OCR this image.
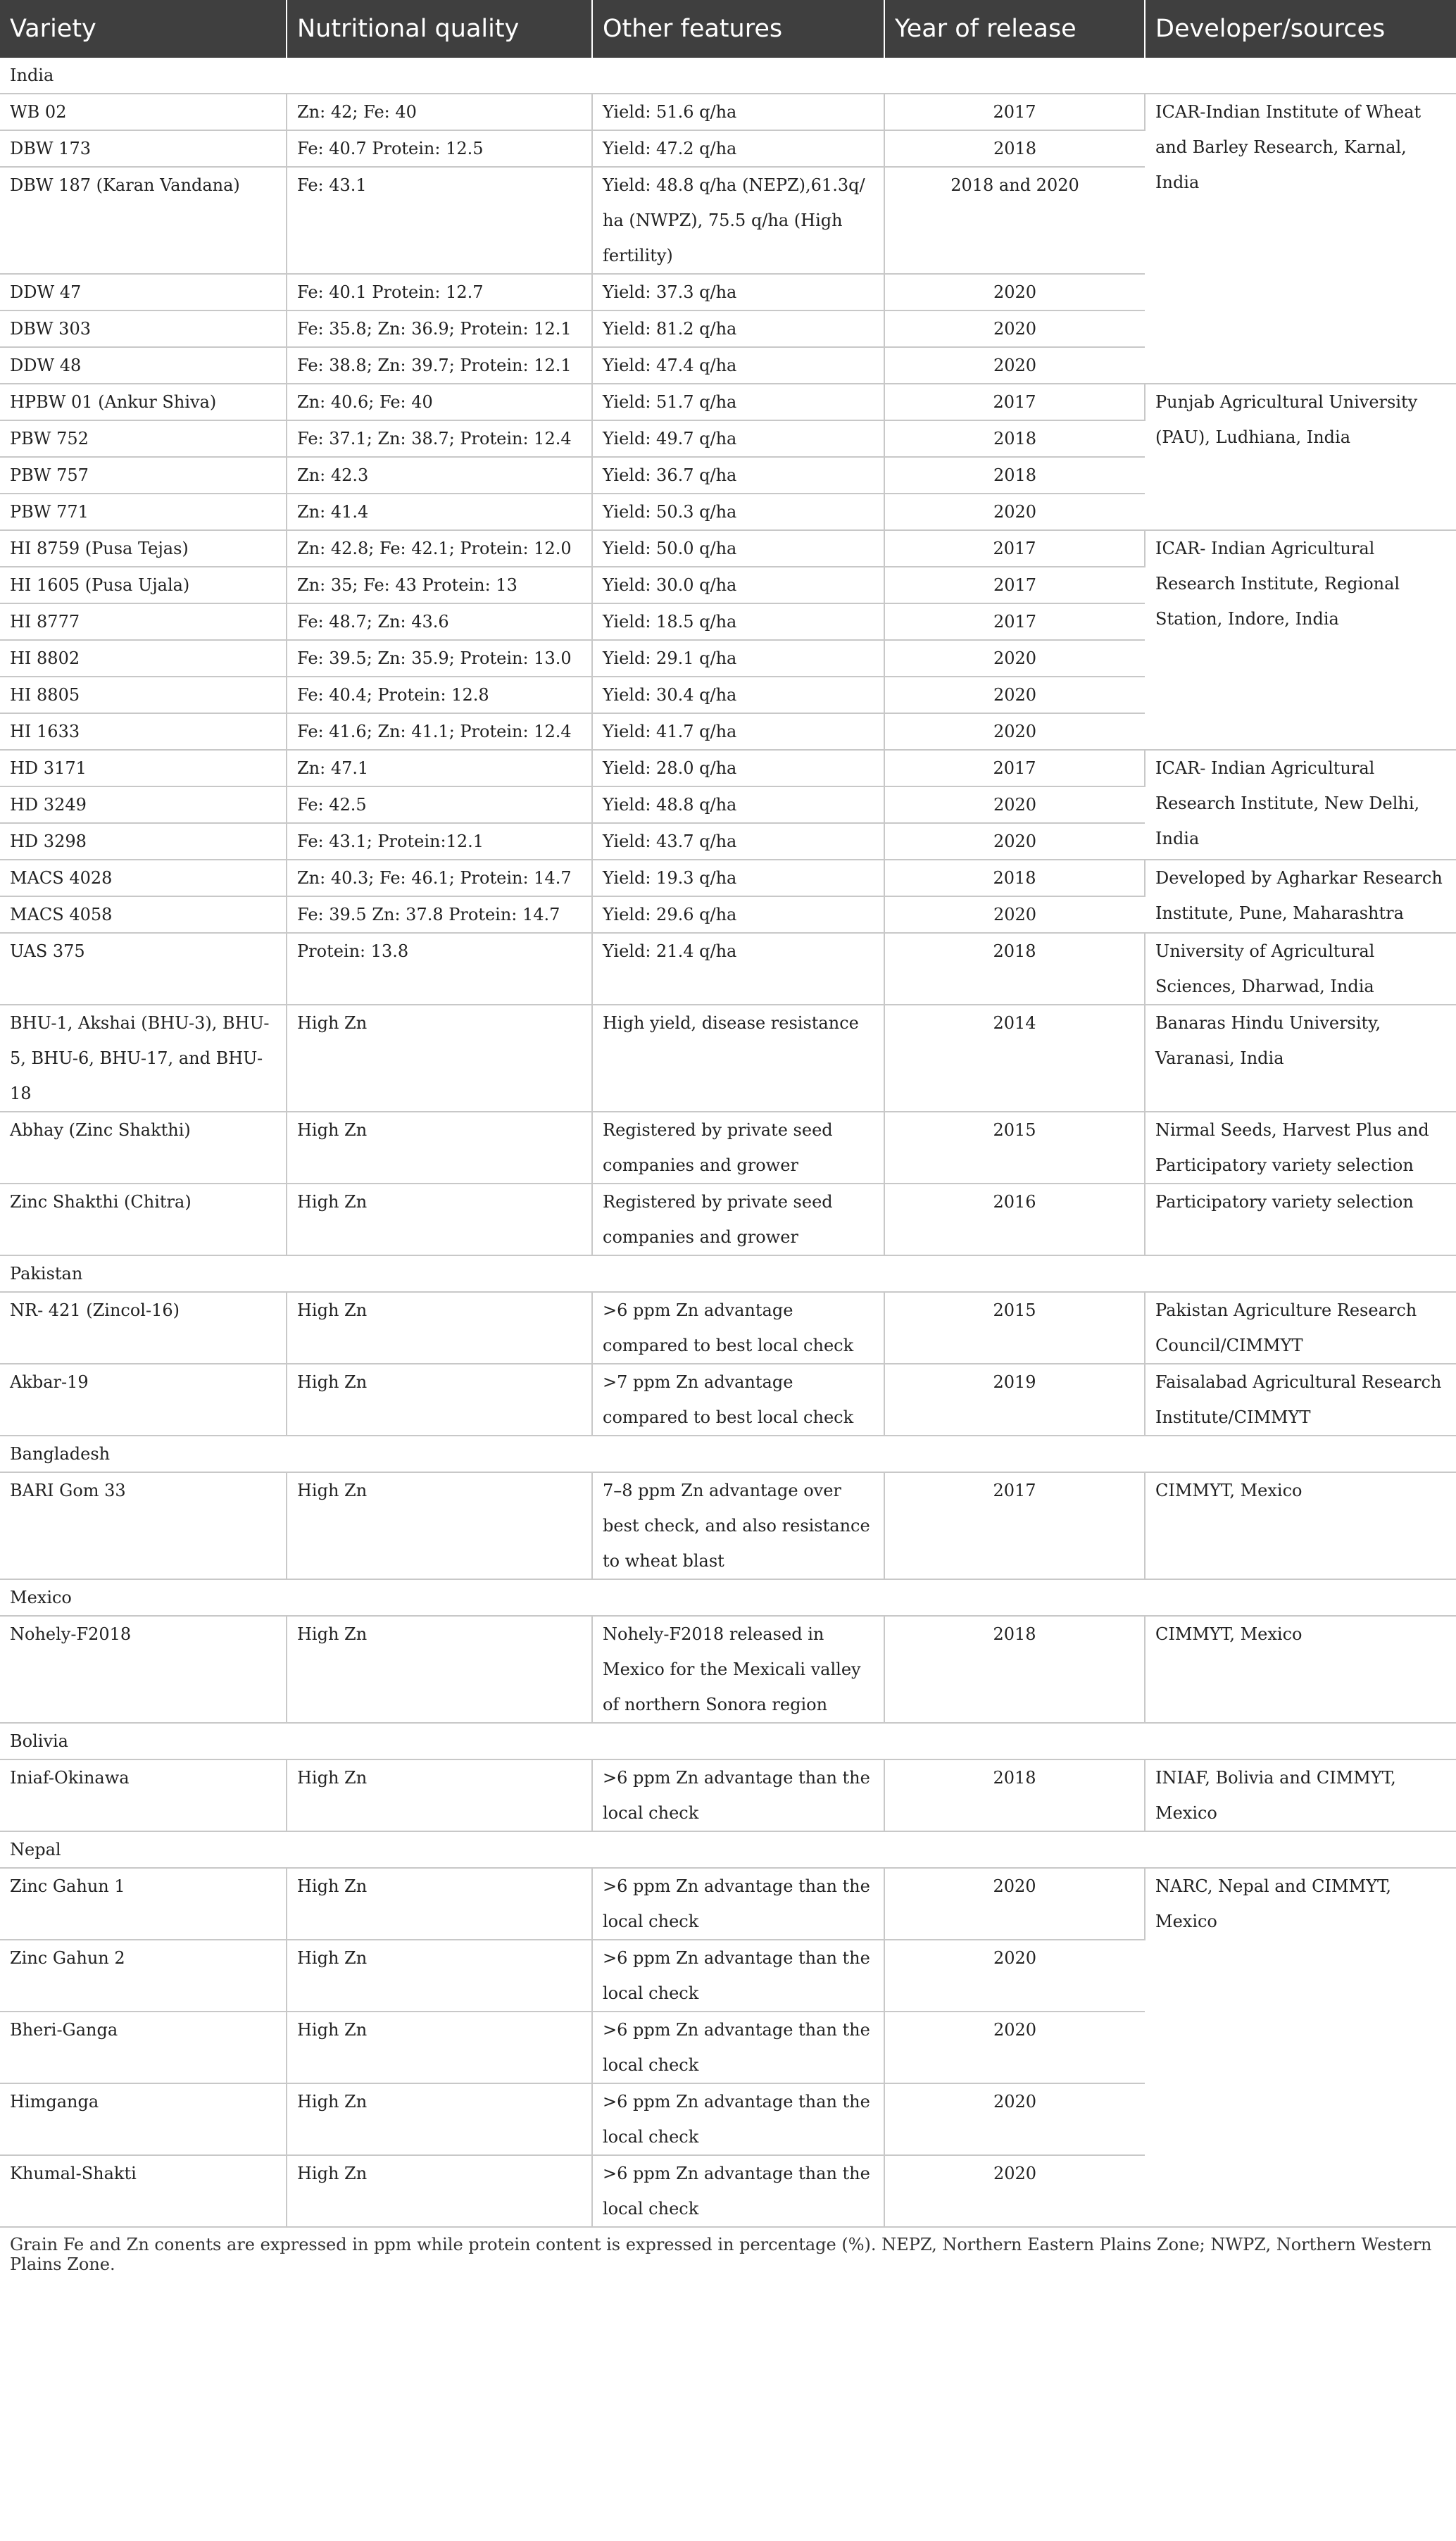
Variety	Nutritional quality	Other features	Year of release	Developer/sources
India				
WB 02	Zn: 42; Fe: 40	Yield: 51.6 q/ha	2017	ICAR-Indian Institute of Wheat and Barley Research, Karnal, India
DBW 173	Fe: 40.7 Protein: 12.5	Yield: 47.2 q/ha	2018	
DBW 187 (Karan Vandana)	Fe: 43.1	Yield: 48.8 q/ha (NEPZ),61.3q/ ha (NWPZ), 75.5 q/ha (High fertility)	2018 and 2020	
DDW 47	Fe: 40.1 Protein: 12.7	Yield: 37.3 q/ha	2020	
DBW 303	Fe: 35.8; Zn: 36.9; Protein: 12.1	Yield: 81.2 q/ha	2020	
DDW 48	Fe: 38.8; Zn: 39.7; Protein: 12.1	Yield: 47.4 q/ha	2020	
HPBW 01 (Ankur Shiva)	Zn: 40.6; Fe: 40	Yield: 51.7 q/ha	2017	Punjab Agricultural University (PAU), Ludhiana, India
PBW 752	Fe: 37.1; Zn: 38.7; Protein: 12.4	Yield: 49.7 q/ha	2018	
PBW 757	Zn: 42.3	Yield: 36.7 q/ha	2018	
PBW 771	Zn: 41.4	Yield: 50.3 q/ha	2020	
HI 8759 (Pusa Tejas)	Zn: 42.8; Fe: 42.1; Protein: 12.0	Yield: 50.0 q/ha	2017	ICAR- Indian Agricultural Research Institute, Regional Station, Indore, India
HI 1605 (Pusa Ujala)	Zn: 35; Fe: 43 Protein: 13	Yield: 30.0 q/ha	2017	
HI 8777	Fe: 48.7; Zn: 43.6	Yield: 18.5 q/ha	2017	
HI 8802	Fe: 39.5; Zn: 35.9; Protein: 13.0	Yield: 29.1 q/ha	2020	
HI 8805	Fe: 40.4; Protein: 12.8	Yield: 30.4 q/ha	2020	
HI 1633	Fe: 41.6; Zn: 41.1; Protein: 12.4	Yield: 41.7 q/ha	2020	
HD 3171	Zn: 47.1	Yield: 28.0 q/ha	2017	ICAR- Indian Agricultural Research Institute, New Delhi, India
HD 3249	Fe: 42.5	Yield: 48.8 q/ha	2020	
HD 3298	Fe: 43.1; Protein:12.1	Yield: 43.7 q/ha	2020	
MACS 4028	Zn: 40.3; Fe: 46.1; Protein: 14.7	Yield: 19.3 q/ha	2018	Developed by Agharkar Research Institute, Pune, Maharashtra
MACS 4058	Fe: 39.5 Zn: 37.8 Protein: 14.7	Yield: 29.6 q/ha	2020	
UAS 375	Protein: 13.8	Yield: 21.4 q/ha	2018	University of Agricultural Sciences, Dharwad, India
BHU-1, Akshai (BHU-3), BHU-5, BHU-6, BHU-17, and BHU-18	High Zn	High yield, disease resistance	2014	Banaras Hindu University, Varanasi, India
Abhay (Zinc Shakthi)	High Zn	Registered by private seed companies and grower	2015	Nirmal Seeds, Harvest Plus and Participatory variety selection
Zinc Shakthi (Chitra)	High Zn	Registered by private seed companies and grower	2016	Participatory variety selection
Pakistan				
NR- 421 (Zincol-16)	High Zn	>6 ppm Zn advantage compared to best local check	2015	Pakistan Agriculture Research Council/CIMMYT
Akbar-19	High Zn	>7 ppm Zn advantage compared to best local check	2019	Faisalabad Agricultural Research Institute/CIMMYT
Bangladesh				
BARI Gom 33	High Zn	7–8 ppm Zn advantage over best check, and also resistance to wheat blast	2017	CIMMYT, Mexico
Mexico				
Nohely-F2018	High Zn	Nohely-F2018 released in Mexico for the Mexicali valley of northern Sonora region	2018	CIMMYT, Mexico
Bolivia				
Iniaf-Okinawa	High Zn	>6 ppm Zn advantage than the local check	2018	INIAF, Bolivia and CIMMYT, Mexico
Nepal				
Zinc Gahun 1	High Zn	>6 ppm Zn advantage than the local check	2020	NARC, Nepal and CIMMYT, Mexico
Zinc Gahun 2	High Zn	>6 ppm Zn advantage than the local check	2020	
Bheri-Ganga	High Zn	>6 ppm Zn advantage than the local check	2020	
Himganga	High Zn	>6 ppm Zn advantage than the local check	2020	
Khumal-Shakti	High Zn	>6 ppm Zn advantage than the local check	2020	
Grain Fe and Zn conents are expressed in ppm while protein content is expressed in percentage (%). NEPZ, Northern Eastern Plains Zone; NWPZ, Northern Western Plains Zone.
